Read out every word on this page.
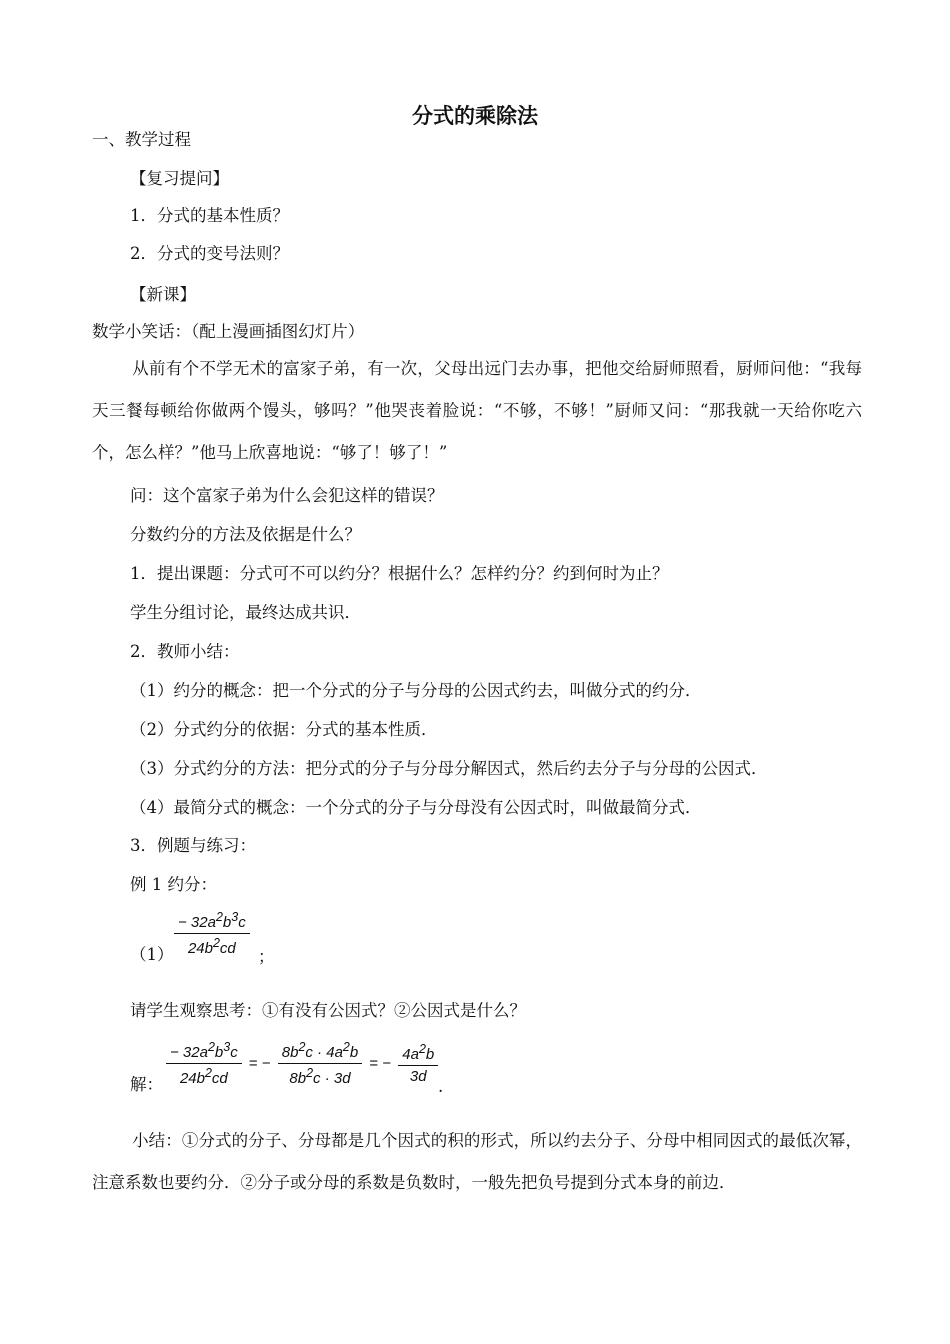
分式的乘除法
一、教学过程
【复习提问】
1．分式的基本性质？
2．分式的变号法则？
【新课】
数学小笑话：（配上漫画插图幻灯片）
从前有个不学无术的富家子弟，有一次，父母出远门去办事，把他交给厨师照看，厨师问他：“我每天三餐每顿给你做两个馒头，够吗？”他哭丧着脸说：“不够，不够！”厨师又问：“那我就一天给你吃六个，怎么样？”他马上欣喜地说：“够了！够了！”
问：这个富家子弟为什么会犯这样的错误？
分数约分的方法及依据是什么？
1．提出课题：分式可不可以约分？根据什么？怎样约分？约到何时为止？
学生分组讨论，最终达成共识．
2．教师小结：
（1）约分的概念：把一个分式的分子与分母的公因式约去，叫做分式的约分．
（2）分式约分的依据：分式的基本性质．
（3）分式约分的方法：把分式的分子与分母分解因式，然后约去分子与分母的公因式．
（4）最简分式的概念：一个分式的分子与分母没有公因式时，叫做最简分式．
3．例题与练习：
例 1 约分：
$(1) \frac{- 32a^2b^3c}{24b^2cd}$ ；
请学生观察思考：①有没有公因式？②公因式是什么？
解： $\frac{- 32a^2b^3c}{24b^2cd}$ = − $\frac{8b^2c \cdot 4a^2b}{8b^2c \cdot 3d}$ = − $\frac{4a^2b}{3d}$
.
小结：①分式的分子、分母都是几个因式的积的形式，所以约去分子、分母中相同因式的最低次幂，注意系数也要约分．②分子或分母的系数是负数时，一般先把负号提到分式本身的前边．
